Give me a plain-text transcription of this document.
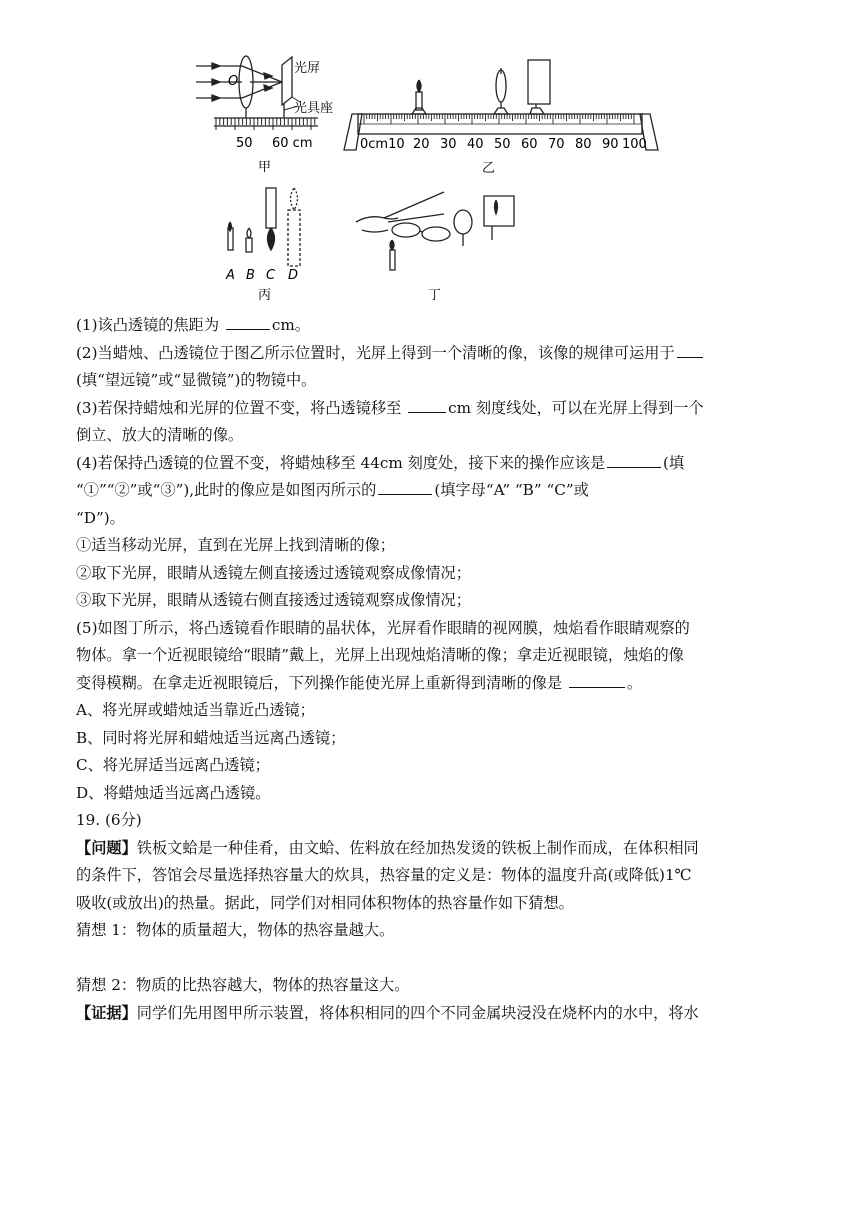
O
光屏
光具座
50 60 cm
甲
0cm10 20 30 40 50 60 70 80 90 100
乙
A B C D
丙	丁
(1)该凸透镜的焦距为	cm。
(2)当蜡烛、凸透镜位于图乙所示位置时，光屏上得到一个清晰的像，该像的规律可运用于
(填“望远镜”或“显微镜”)的物镜中。
(3)若保持蜡烛和光屏的位置不变，将凸透镜移至	cm 刻度线处，可以在光屏上得到一个
倒立、放大的清晰的像。
(4)若保持凸透镜的位置不变，将蜡烛移至 44cm 刻度处，接下来的操作应该是	(填
“①”“②”或“③”),此时的像应是如图丙所示的	(填字母“A” “B” “C”或
“D”)。
①适当移动光屏，直到在光屏上找到清晰的像；
②取下光屏，眼睛从透镜左侧直接透过透镜观察成像情况；
③取下光屏，眼睛从透镜右侧直接透过透镜观察成像情况；
(5)如图丁所示，将凸透镜看作眼睛的晶状体，光屏看作眼睛的视网膜，烛焰看作眼睛观察的
物体。拿一个近视眼镜给“眼睛”戴上，光屏上出现烛焰清晰的像；拿走近视眼镜，烛焰的像
变得模糊。在拿走近视眼镜后，下列操作能使光屏上重新得到清晰的像是	。
A、将光屏或蜡烛适当靠近凸透镜；
B、同时将光屏和蜡烛适当远离凸透镜；
C、将光屏适当远离凸透镜；
D、将蜡烛适当远离凸透镜。
19. (6分)
【问题】铁板文蛤是一种佳肴，由文蛤、佐料放在经加热发烫的铁板上制作而成，在体积相同
的条件下，答馆会尽量选择热容量大的炊具，热容量的定义是：物体的温度升高(或降低)1℃
吸收(或放出)的热量。据此，同学们对相同体积物体的热容量作如下猜想。
猜想 1：物体的质量超大，物体的热容量越大。
猜想 2：物质的比热容越大，物体的热容量这大。
【证据】同学们先用图甲所示装置，将体积相同的四个不同金属块浸没在烧杯内的水中，将水
